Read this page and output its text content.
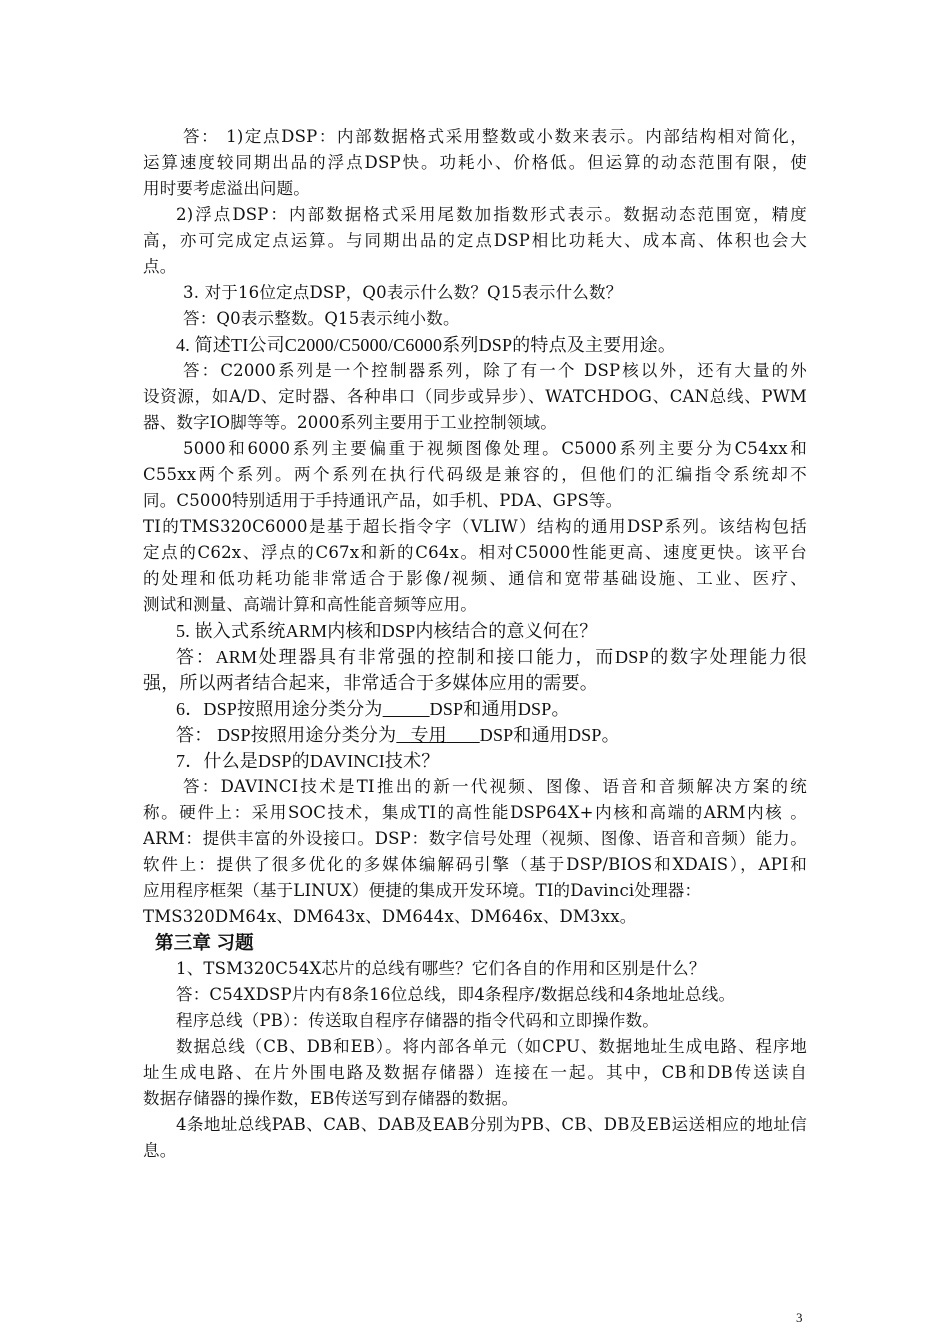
答： 1)定点DSP：内部数据格式采用整数或小数来表示。内部结构相对简化，
运算速度较同期出品的浮点DSP快。功耗小、价格低。但运算的动态范围有限，使
用时要考虑溢出问题。
2)浮点DSP：内部数据格式采用尾数加指数形式表示。数据动态范围宽，精度
高，亦可完成定点运算。与同期出品的定点DSP相比功耗大、成本高、体积也会大
点。
3. 对于16位定点DSP，Q0表示什么数？Q15表示什么数？
答：Q0表示整数。Q15表示纯小数。
4. 简述TI公司C2000/C5000/C6000系列DSP的特点及主要用途。
答：C2000系列是一个控制器系列，除了有一个 DSP核以外，还有大量的外
设资源，如A/D、定时器、各种串口（同步或异步）、WATCHDOG、CAN总线、PWM
器、数字IO脚等等。2000系列主要用于工业控制领域。
5000和6000系列主要偏重于视频图像处理。C5000系列主要分为C54xx和
C55xx两个系列。两个系列在执行代码级是兼容的，但他们的汇编指令系统却不
同。C5000特别适用于手持通讯产品，如手机、PDA、GPS等。
TI的TMS320C6000是基于超长指令字（VLIW）结构的通用DSP系列。该结构包括
定点的C62x、浮点的C67x和新的C64x。相对C5000性能更高、速度更快。该平台
的处理和低功耗功能非常适合于影像/视频、通信和宽带基础设施、工业、医疗、
测试和测量、高端计算和高性能音频等应用。
5. 嵌入式系统ARM内核和DSP内核结合的意义何在？
答：ARM处理器具有非常强的控制和接口能力，而DSP的数字处理能力很
强，所以两者结合起来，非常适合于多媒体应用的需要。
6．DSP按照用途分类分为	DSP和通用DSP。
答： DSP按照用途分类分为 专用 DSP和通用DSP。
7．什么是DSP的DAVINCI技术？
答：DAVINCI技术是TI推出的新一代视频、图像、语音和音频解决方案的统
称。硬件上：采用SOC技术，集成TI的高性能DSP64X+内核和高端的ARM内核 。
ARM：提供丰富的外设接口。DSP：数字信号处理（视频、图像、语音和音频）能力。
软件上：提供了很多优化的多媒体编解码引擎（基于DSP/BIOS和XDAIS），API和
应用程序框架（基于LINUX）便捷的集成开发环境。TI的Davinci处理器：
TMS320DM64x、DM643x、DM644x、DM646x、DM3xx。
第三章 习题
1、TSM320C54X芯片的总线有哪些？它们各自的作用和区别是什么？
答：C54XDSP片内有8条16位总线，即4条程序/数据总线和4条地址总线。
程序总线（PB）：传送取自程序存储器的指令代码和立即操作数。
数据总线（CB、DB和EB）。将内部各单元（如CPU、数据地址生成电路、程序地
址生成电路、在片外围电路及数据存储器）连接在一起。其中，CB和DB传送读自
数据存储器的操作数，EB传送写到存储器的数据。
4条地址总线PAB、CAB、DAB及EAB分别为PB、CB、DB及EB运送相应的地址信
息。
3
